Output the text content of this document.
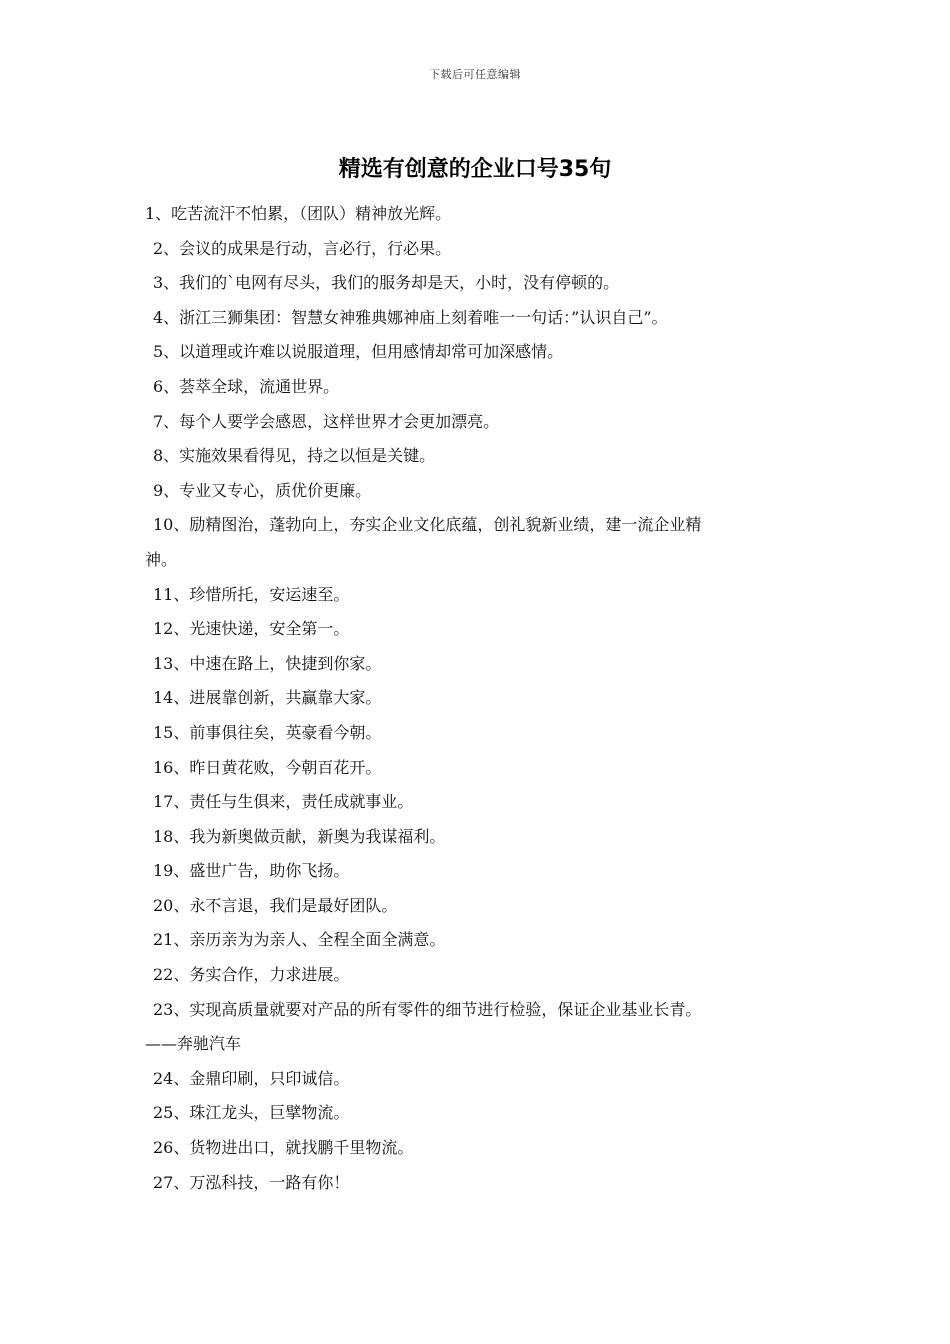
下载后可任意编辑
精选有创意的企业口号35句
1、吃苦流汗不怕累，（团队）精神放光辉。
2、会议的成果是行动，言必行，行必果。
3、我们的`电网有尽头，我们的服务却是天，小时，没有停顿的。
4、浙江三狮集团：智慧女神雅典娜神庙上刻着唯一一句话：”认识自己”。
5、以道理或许难以说服道理，但用感情却常可加深感情。
6、荟萃全球，流通世界。
7、每个人要学会感恩，这样世界才会更加漂亮。
8、实施效果看得见，持之以恒是关键。
9、专业又专心，质优价更廉。
10、励精图治，蓬勃向上，夯实企业文化底蕴，创礼貌新业绩，建一流企业精
神。
11、珍惜所托，安运速至。
12、光速快递，安全第一。
13、中速在路上，快捷到你家。
14、进展靠创新，共赢靠大家。
15、前事俱往矣，英豪看今朝。
16、昨日黄花败，今朝百花开。
17、责任与生俱来，责任成就事业。
18、我为新奥做贡献，新奥为我谋福利。
19、盛世广告，助你飞扬。
20、永不言退，我们是最好团队。
21、亲历亲为为亲人、全程全面全满意。
22、务实合作，力求进展。
23、实现高质量就要对产品的所有零件的细节进行检验，保证企业基业长青。
——奔驰汽车
24、金鼎印刷，只印诚信。
25、珠江龙头，巨擘物流。
26、货物进出口，就找鹏千里物流。
27、万泓科技，一路有你！
